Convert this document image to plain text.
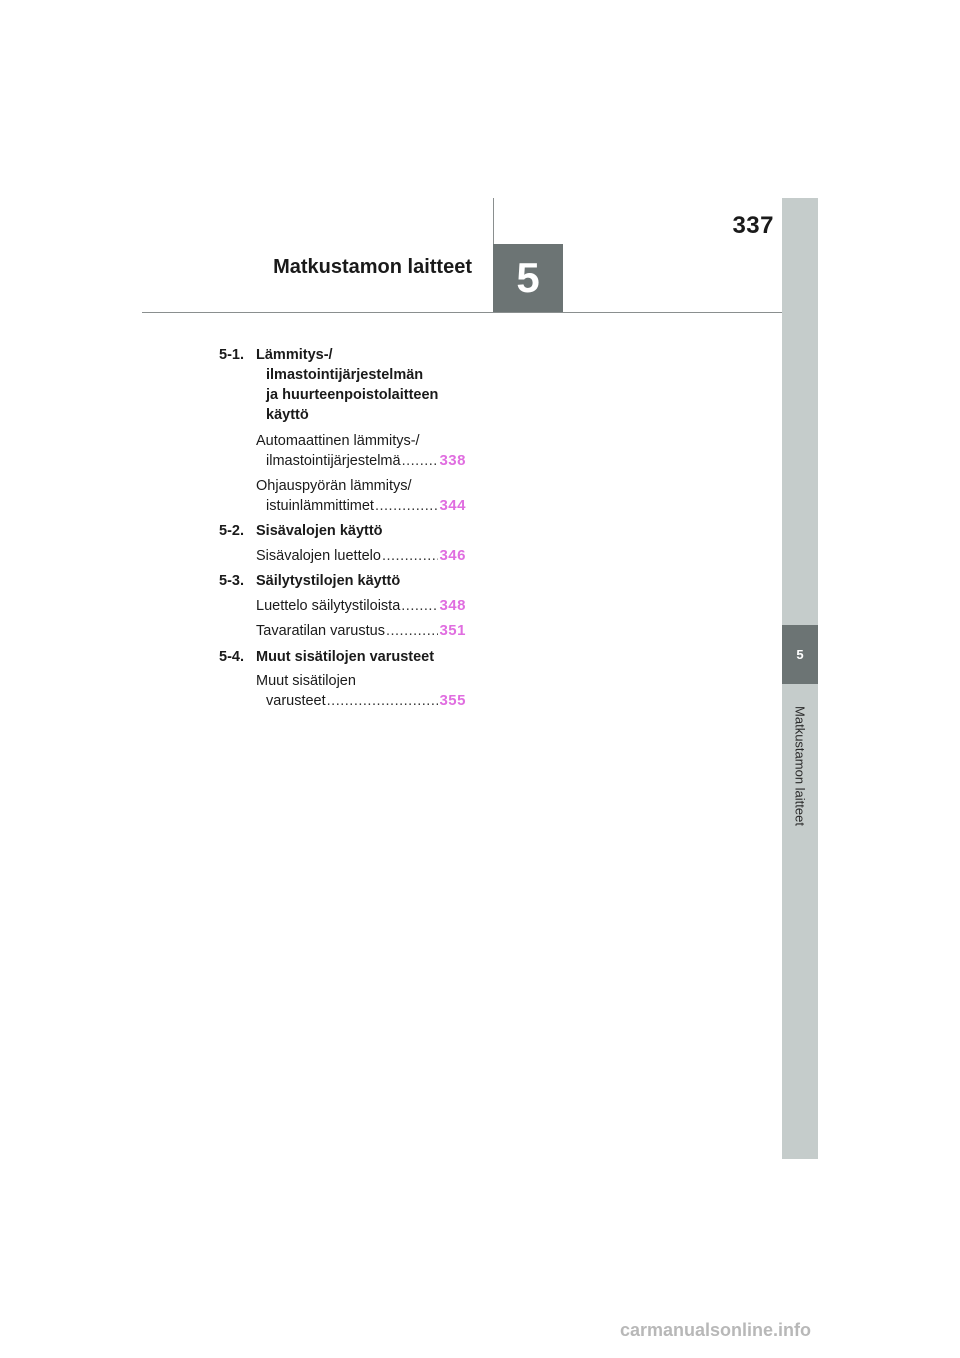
337
Matkustamon laitteet 5
5
Matkustamon laitteet
5-1. Lämmitys-/
ilmastointijärjestelmän
ja huurteenpoistolaitteen
käyttö
Automaattinen lämmitys-/
ilmastointijärjestelmä .....	338
Ohjauspyörän lämmitys/
istuinlämmittimet .....	344
5-2. Sisävalojen käyttö
Sisävalojen luettelo .....	346
5-3. Säilytystilojen käyttö
Luettelo säilytystiloista .....	348
Tavaratilan varustus .....	351
5-4. Muut sisätilojen varusteet
Muut sisätilojen
varusteet .....	355
carmanualsonline.info
